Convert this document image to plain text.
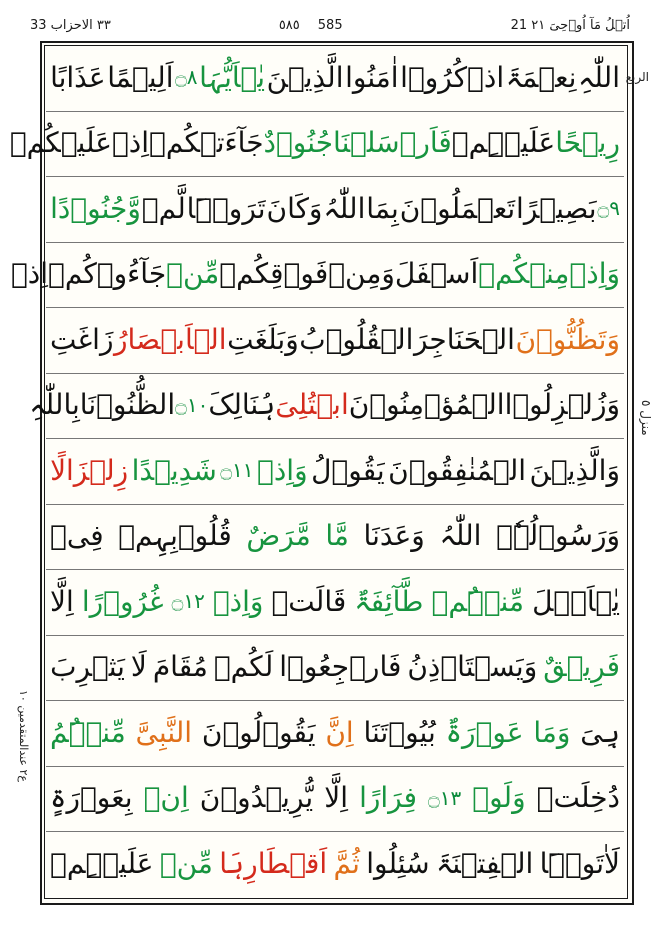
٣٣ الاحزاب 33	٥٨٥ 585	21 اُتۡلُ مَآ اُوۡحِیَ ٢١
اللّٰہِ
نِعۡمَۃَ
اذۡکُرُوۡا
اٰمَنُوا
الَّذِیۡنَ
یٰۤاَیُّہَا
۝٨
اَلِیۡمًا
عَذَابًا
رِیۡحًا
عَلَیۡہِمۡ
فَاَرۡسَلۡنَا
جُنُوۡدٌ
جَآءَتۡکُمۡ
اِذۡ
عَلَیۡکُمۡ
۝٩
بَصِیۡرًا
تَعۡمَلُوۡنَ
بِمَا
اللّٰہُ
وَکَانَ
تَرَوۡہَا
لَّمۡ
وَّجُنُوۡدًا
وَاِذۡ
مِنۡکُمۡ
اَسۡفَلَ
وَمِنۡ
فَوۡقِکُمۡ
مِّنۡ
جَآءُوۡکُمۡ
اِذۡ
وَتَظُنُّوۡنَ
الۡحَنَاجِرَ
الۡقُلُوۡبُ
وَبَلَغَتِ
الۡاَبۡصَارُ
زَاغَتِ
وَزُلۡزِلُوۡا
الۡمُؤۡمِنُوۡنَ
ابۡتُلِیَ
ہُنَالِکَ
۝١٠
الظُّنُوۡنَا
بِاللّٰہِ
وَالَّذِیۡنَ
الۡمُنٰفِقُوۡنَ
یَقُوۡلُ
وَاِذۡ
۝١١
شَدِیۡدًا
زِلۡزَالًا
وَرَسُوۡلُہٗۤ
اللّٰہُ
وَعَدَنَا
مَّا
مَّرَضٌ
قُلُوۡبِہِمۡ
فِیۡ
یٰۤاَہۡلَ
مِّنۡہُمۡ
طَّآئِفَۃٌ
قَالَتۡ
وَاِذۡ
۝١٢
غُرُوۡرًا
اِلَّا
فَرِیۡقٌ
وَیَسۡتَاۡذِنُ
فَارۡجِعُوۡا
لَکُمۡ
مُقَامَ
لَا
یَثۡرِبَ
ہِیَ
وَمَا
عَوۡرَۃٌ
بُیُوۡتَنَا
اِنَّ
یَقُوۡلُوۡنَ
النَّبِیَّ
مِّنۡہُمُ
دُخِلَتۡ
وَلَوۡ
۝١٣
فِرَارًا
اِلَّا
یُّرِیۡدُوۡنَ
اِنۡ
بِعَوۡرَۃٍ
لَاٰتَوۡہَا
الۡفِتۡنَۃَ
سُئِلُوا
ثُمَّ
اَقۡطَارِہَا
مِّنۡ
عَلَیۡہِمۡ
الربع
منزل ٥
ع٢ عندالمتقدمین ١٠
